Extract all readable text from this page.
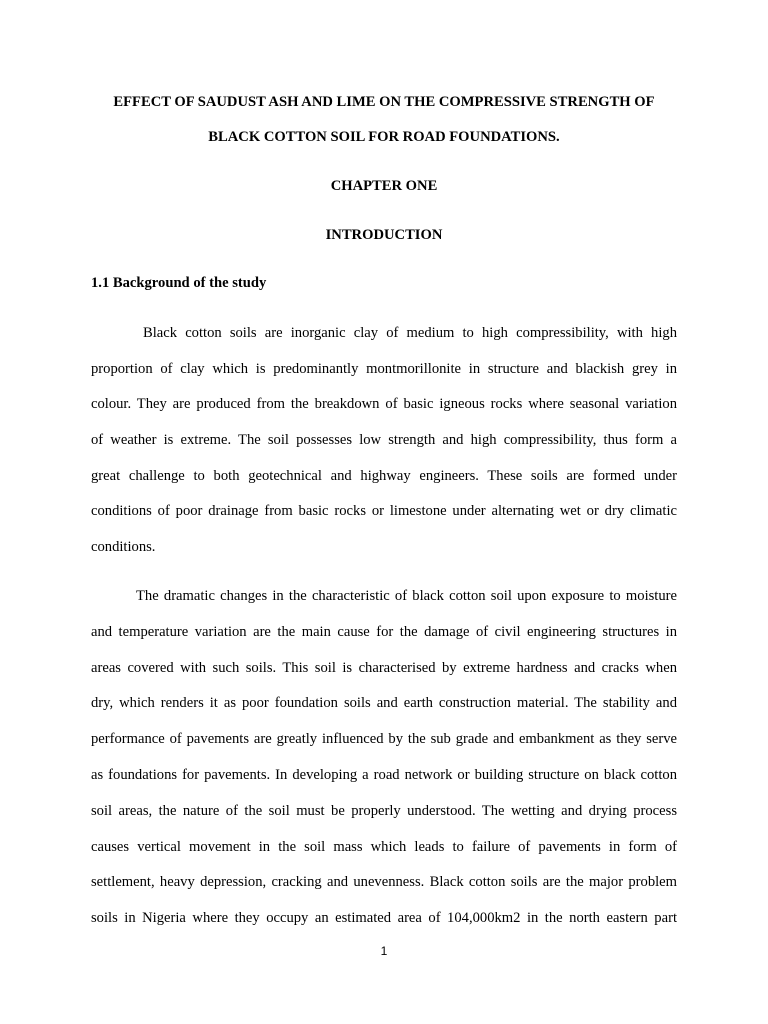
EFFECT OF SAUDUST ASH AND LIME ON THE COMPRESSIVE STRENGTH OF
BLACK COTTON SOIL FOR ROAD FOUNDATIONS.
CHAPTER ONE
INTRODUCTION
1.1 Background of the study
Black cotton soils are inorganic clay of medium to high compressibility, with high
proportion of clay which is predominantly montmorillonite in structure and blackish grey in
colour. They are produced from the breakdown of basic igneous rocks where seasonal variation
of weather is extreme. The soil possesses low strength and high compressibility, thus form a
great challenge to both geotechnical and highway engineers. These soils are formed under
conditions of poor drainage from basic rocks or limestone under alternating wet or dry climatic
conditions.
The dramatic changes in the characteristic of black cotton soil upon exposure to moisture
and temperature variation are the main cause for the damage of civil engineering structures in
areas covered with such soils. This soil is characterised by extreme hardness and cracks when
dry, which renders it as poor foundation soils and earth construction material. The stability and
performance of pavements are greatly influenced by the sub grade and embankment as they serve
as foundations for pavements. In developing a road network or building structure on black cotton
soil areas, the nature of the soil must be properly understood. The wetting and drying process
causes vertical movement in the soil mass which leads to failure of pavements in form of
settlement, heavy depression, cracking and unevenness. Black cotton soils are the major problem
soils in Nigeria where they occupy an estimated area of 104,000km2 in the north eastern part
1
